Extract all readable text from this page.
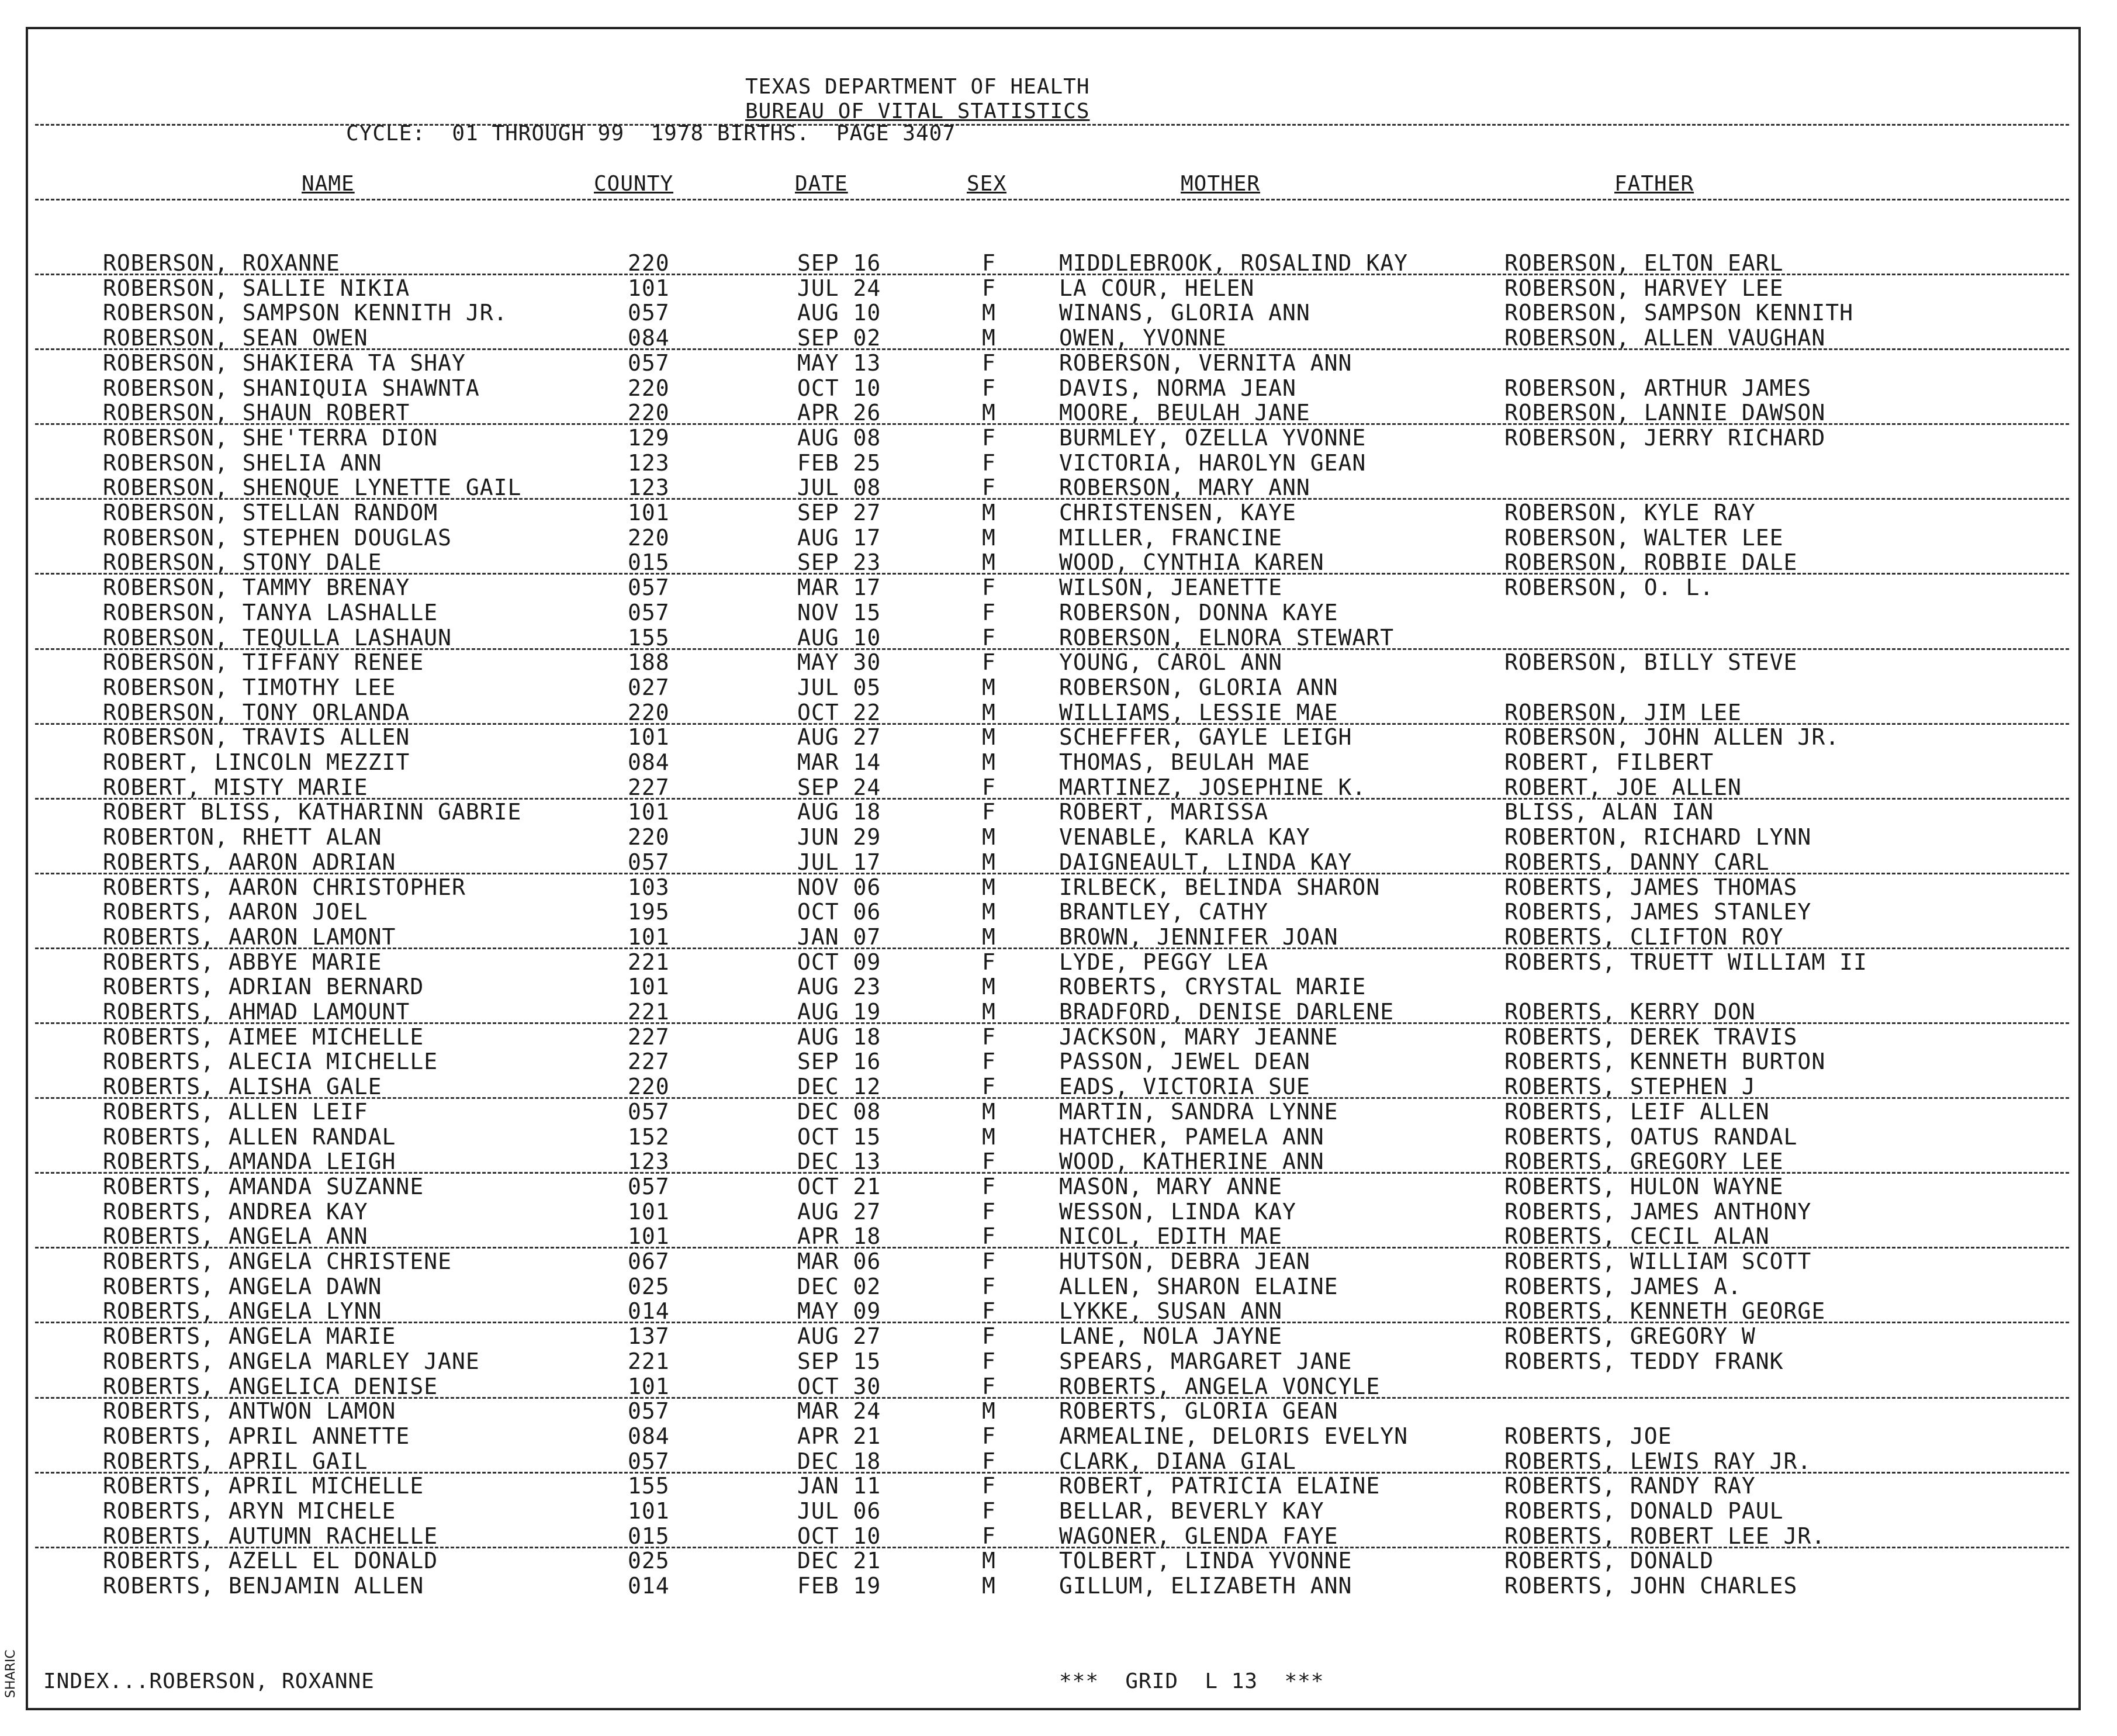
TEXAS DEPARTMENT OF HEALTH
BUREAU OF VITAL STATISTICS
CYCLE:  01 THROUGH 99  1978 BIRTHS.  PAGE 3407
NAME	COUNTY	DATE	SEX	MOTHER	FATHER
ROBERSON, ROXANNE	220	SEP 16	F	MIDDLEBROOK, ROSALIND KAY	ROBERSON, ELTON EARL
ROBERSON, SALLIE NIKIA	101	JUL 24	F	LA COUR, HELEN	ROBERSON, HARVEY LEE
ROBERSON, SAMPSON KENNITH JR.	057	AUG 10	M	WINANS, GLORIA ANN	ROBERSON, SAMPSON KENNITH
ROBERSON, SEAN OWEN	084	SEP 02	M	OWEN, YVONNE	ROBERSON, ALLEN VAUGHAN
ROBERSON, SHAKIERA TA SHAY	057	MAY 13	F	ROBERSON, VERNITA ANN
ROBERSON, SHANIQUIA SHAWNTA	220	OCT 10	F	DAVIS, NORMA JEAN	ROBERSON, ARTHUR JAMES
ROBERSON, SHAUN ROBERT	220	APR 26	M	MOORE, BEULAH JANE	ROBERSON, LANNIE DAWSON
ROBERSON, SHE'TERRA DION	129	AUG 08	F	BURMLEY, OZELLA YVONNE	ROBERSON, JERRY RICHARD
ROBERSON, SHELIA ANN	123	FEB 25	F	VICTORIA, HAROLYN GEAN
ROBERSON, SHENQUE LYNETTE GAIL	123	JUL 08	F	ROBERSON, MARY ANN
ROBERSON, STELLAN RANDOM	101	SEP 27	M	CHRISTENSEN, KAYE	ROBERSON, KYLE RAY
ROBERSON, STEPHEN DOUGLAS	220	AUG 17	M	MILLER, FRANCINE	ROBERSON, WALTER LEE
ROBERSON, STONY DALE	015	SEP 23	M	WOOD, CYNTHIA KAREN	ROBERSON, ROBBIE DALE
ROBERSON, TAMMY BRENAY	057	MAR 17	F	WILSON, JEANETTE	ROBERSON, O. L.
ROBERSON, TANYA LASHALLE	057	NOV 15	F	ROBERSON, DONNA KAYE
ROBERSON, TEQULLA LASHAUN	155	AUG 10	F	ROBERSON, ELNORA STEWART
ROBERSON, TIFFANY RENEE	188	MAY 30	F	YOUNG, CAROL ANN	ROBERSON, BILLY STEVE
ROBERSON, TIMOTHY LEE	027	JUL 05	M	ROBERSON, GLORIA ANN
ROBERSON, TONY ORLANDA	220	OCT 22	M	WILLIAMS, LESSIE MAE	ROBERSON, JIM LEE
ROBERSON, TRAVIS ALLEN	101	AUG 27	M	SCHEFFER, GAYLE LEIGH	ROBERSON, JOHN ALLEN JR.
ROBERT, LINCOLN MEZZIT	084	MAR 14	M	THOMAS, BEULAH MAE	ROBERT, FILBERT
ROBERT, MISTY MARIE	227	SEP 24	F	MARTINEZ, JOSEPHINE K.	ROBERT, JOE ALLEN
ROBERT BLISS, KATHARINN GABRIE	101	AUG 18	F	ROBERT, MARISSA	BLISS, ALAN IAN
ROBERTON, RHETT ALAN	220	JUN 29	M	VENABLE, KARLA KAY	ROBERTON, RICHARD LYNN
ROBERTS, AARON ADRIAN	057	JUL 17	M	DAIGNEAULT, LINDA KAY	ROBERTS, DANNY CARL
ROBERTS, AARON CHRISTOPHER	103	NOV 06	M	IRLBECK, BELINDA SHARON	ROBERTS, JAMES THOMAS
ROBERTS, AARON JOEL	195	OCT 06	M	BRANTLEY, CATHY	ROBERTS, JAMES STANLEY
ROBERTS, AARON LAMONT	101	JAN 07	M	BROWN, JENNIFER JOAN	ROBERTS, CLIFTON ROY
ROBERTS, ABBYE MARIE	221	OCT 09	F	LYDE, PEGGY LEA	ROBERTS, TRUETT WILLIAM II
ROBERTS, ADRIAN BERNARD	101	AUG 23	M	ROBERTS, CRYSTAL MARIE
ROBERTS, AHMAD LAMOUNT	221	AUG 19	M	BRADFORD, DENISE DARLENE	ROBERTS, KERRY DON
ROBERTS, AIMEE MICHELLE	227	AUG 18	F	JACKSON, MARY JEANNE	ROBERTS, DEREK TRAVIS
ROBERTS, ALECIA MICHELLE	227	SEP 16	F	PASSON, JEWEL DEAN	ROBERTS, KENNETH BURTON
ROBERTS, ALISHA GALE	220	DEC 12	F	EADS, VICTORIA SUE	ROBERTS, STEPHEN J
ROBERTS, ALLEN LEIF	057	DEC 08	M	MARTIN, SANDRA LYNNE	ROBERTS, LEIF ALLEN
ROBERTS, ALLEN RANDAL	152	OCT 15	M	HATCHER, PAMELA ANN	ROBERTS, OATUS RANDAL
ROBERTS, AMANDA LEIGH	123	DEC 13	F	WOOD, KATHERINE ANN	ROBERTS, GREGORY LEE
ROBERTS, AMANDA SUZANNE	057	OCT 21	F	MASON, MARY ANNE	ROBERTS, HULON WAYNE
ROBERTS, ANDREA KAY	101	AUG 27	F	WESSON, LINDA KAY	ROBERTS, JAMES ANTHONY
ROBERTS, ANGELA ANN	101	APR 18	F	NICOL, EDITH MAE	ROBERTS, CECIL ALAN
ROBERTS, ANGELA CHRISTENE	067	MAR 06	F	HUTSON, DEBRA JEAN	ROBERTS, WILLIAM SCOTT
ROBERTS, ANGELA DAWN	025	DEC 02	F	ALLEN, SHARON ELAINE	ROBERTS, JAMES A.
ROBERTS, ANGELA LYNN	014	MAY 09	F	LYKKE, SUSAN ANN	ROBERTS, KENNETH GEORGE
ROBERTS, ANGELA MARIE	137	AUG 27	F	LANE, NOLA JAYNE	ROBERTS, GREGORY W
ROBERTS, ANGELA MARLEY JANE	221	SEP 15	F	SPEARS, MARGARET JANE	ROBERTS, TEDDY FRANK
ROBERTS, ANGELICA DENISE	101	OCT 30	F	ROBERTS, ANGELA VONCYLE
ROBERTS, ANTWON LAMON	057	MAR 24	M	ROBERTS, GLORIA GEAN
ROBERTS, APRIL ANNETTE	084	APR 21	F	ARMEALINE, DELORIS EVELYN	ROBERTS, JOE
ROBERTS, APRIL GAIL	057	DEC 18	F	CLARK, DIANA GIAL	ROBERTS, LEWIS RAY JR.
ROBERTS, APRIL MICHELLE	155	JAN 11	F	ROBERT, PATRICIA ELAINE	ROBERTS, RANDY RAY
ROBERTS, ARYN MICHELE	101	JUL 06	F	BELLAR, BEVERLY KAY	ROBERTS, DONALD PAUL
ROBERTS, AUTUMN RACHELLE	015	OCT 10	F	WAGONER, GLENDA FAYE	ROBERTS, ROBERT LEE JR.
ROBERTS, AZELL EL DONALD	025	DEC 21	M	TOLBERT, LINDA YVONNE	ROBERTS, DONALD
ROBERTS, BENJAMIN ALLEN	014	FEB 19	M	GILLUM, ELIZABETH ANN	ROBERTS, JOHN CHARLES
INDEX...ROBERSON, ROXANNE	***  GRID  L 13  ***
SHARIC
